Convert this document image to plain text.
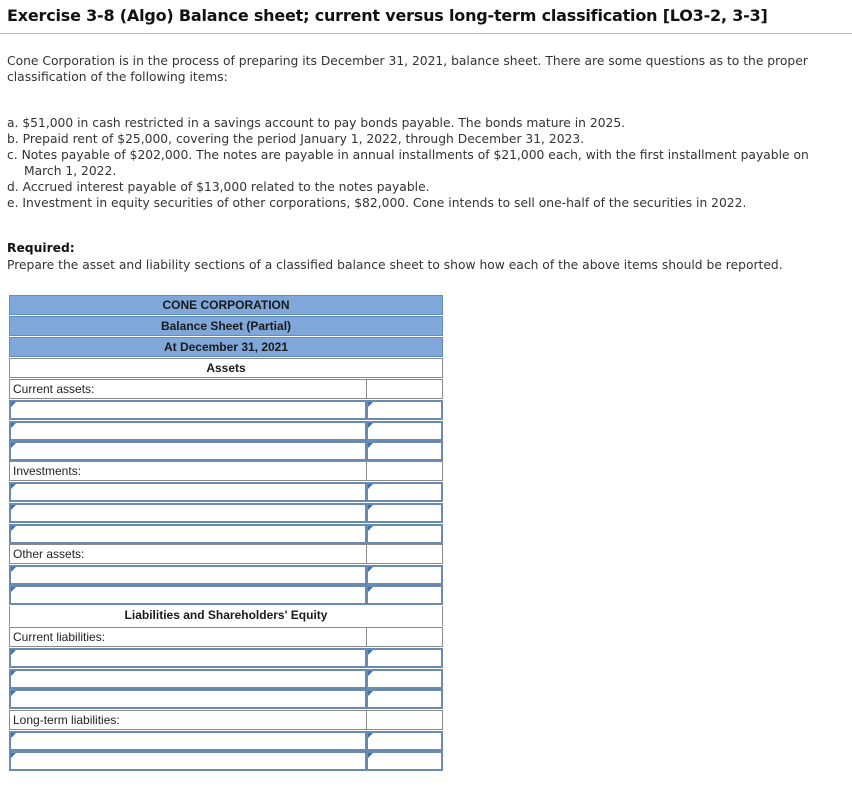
Exercise 3-8 (Algo) Balance sheet; current versus long-term classification [LO3-2, 3-3]
Cone Corporation is in the process of preparing its December 31, 2021, balance sheet. There are some questions as to the proper classification of the following items:
a. $51,000 in cash restricted in a savings account to pay bonds payable. The bonds mature in 2025.
b. Prepaid rent of $25,000, covering the period January 1, 2022, through December 31, 2023.
c. Notes payable of $202,000. The notes are payable in annual installments of $21,000 each, with the first installment payable on March 1, 2022.
d. Accrued interest payable of $13,000 related to the notes payable.
e. Investment in equity securities of other corporations, $82,000. Cone intends to sell one-half of the securities in 2022.
Required:
Prepare the asset and liability sections of a classified balance sheet to show how each of the above items should be reported.
CONE CORPORATION
Balance Sheet (Partial)
At December 31, 2021
Assets
Current assets:
Investments:
Other assets:
Liabilities and Shareholders' Equity
Current liabilities:
Long-term liabilities:
